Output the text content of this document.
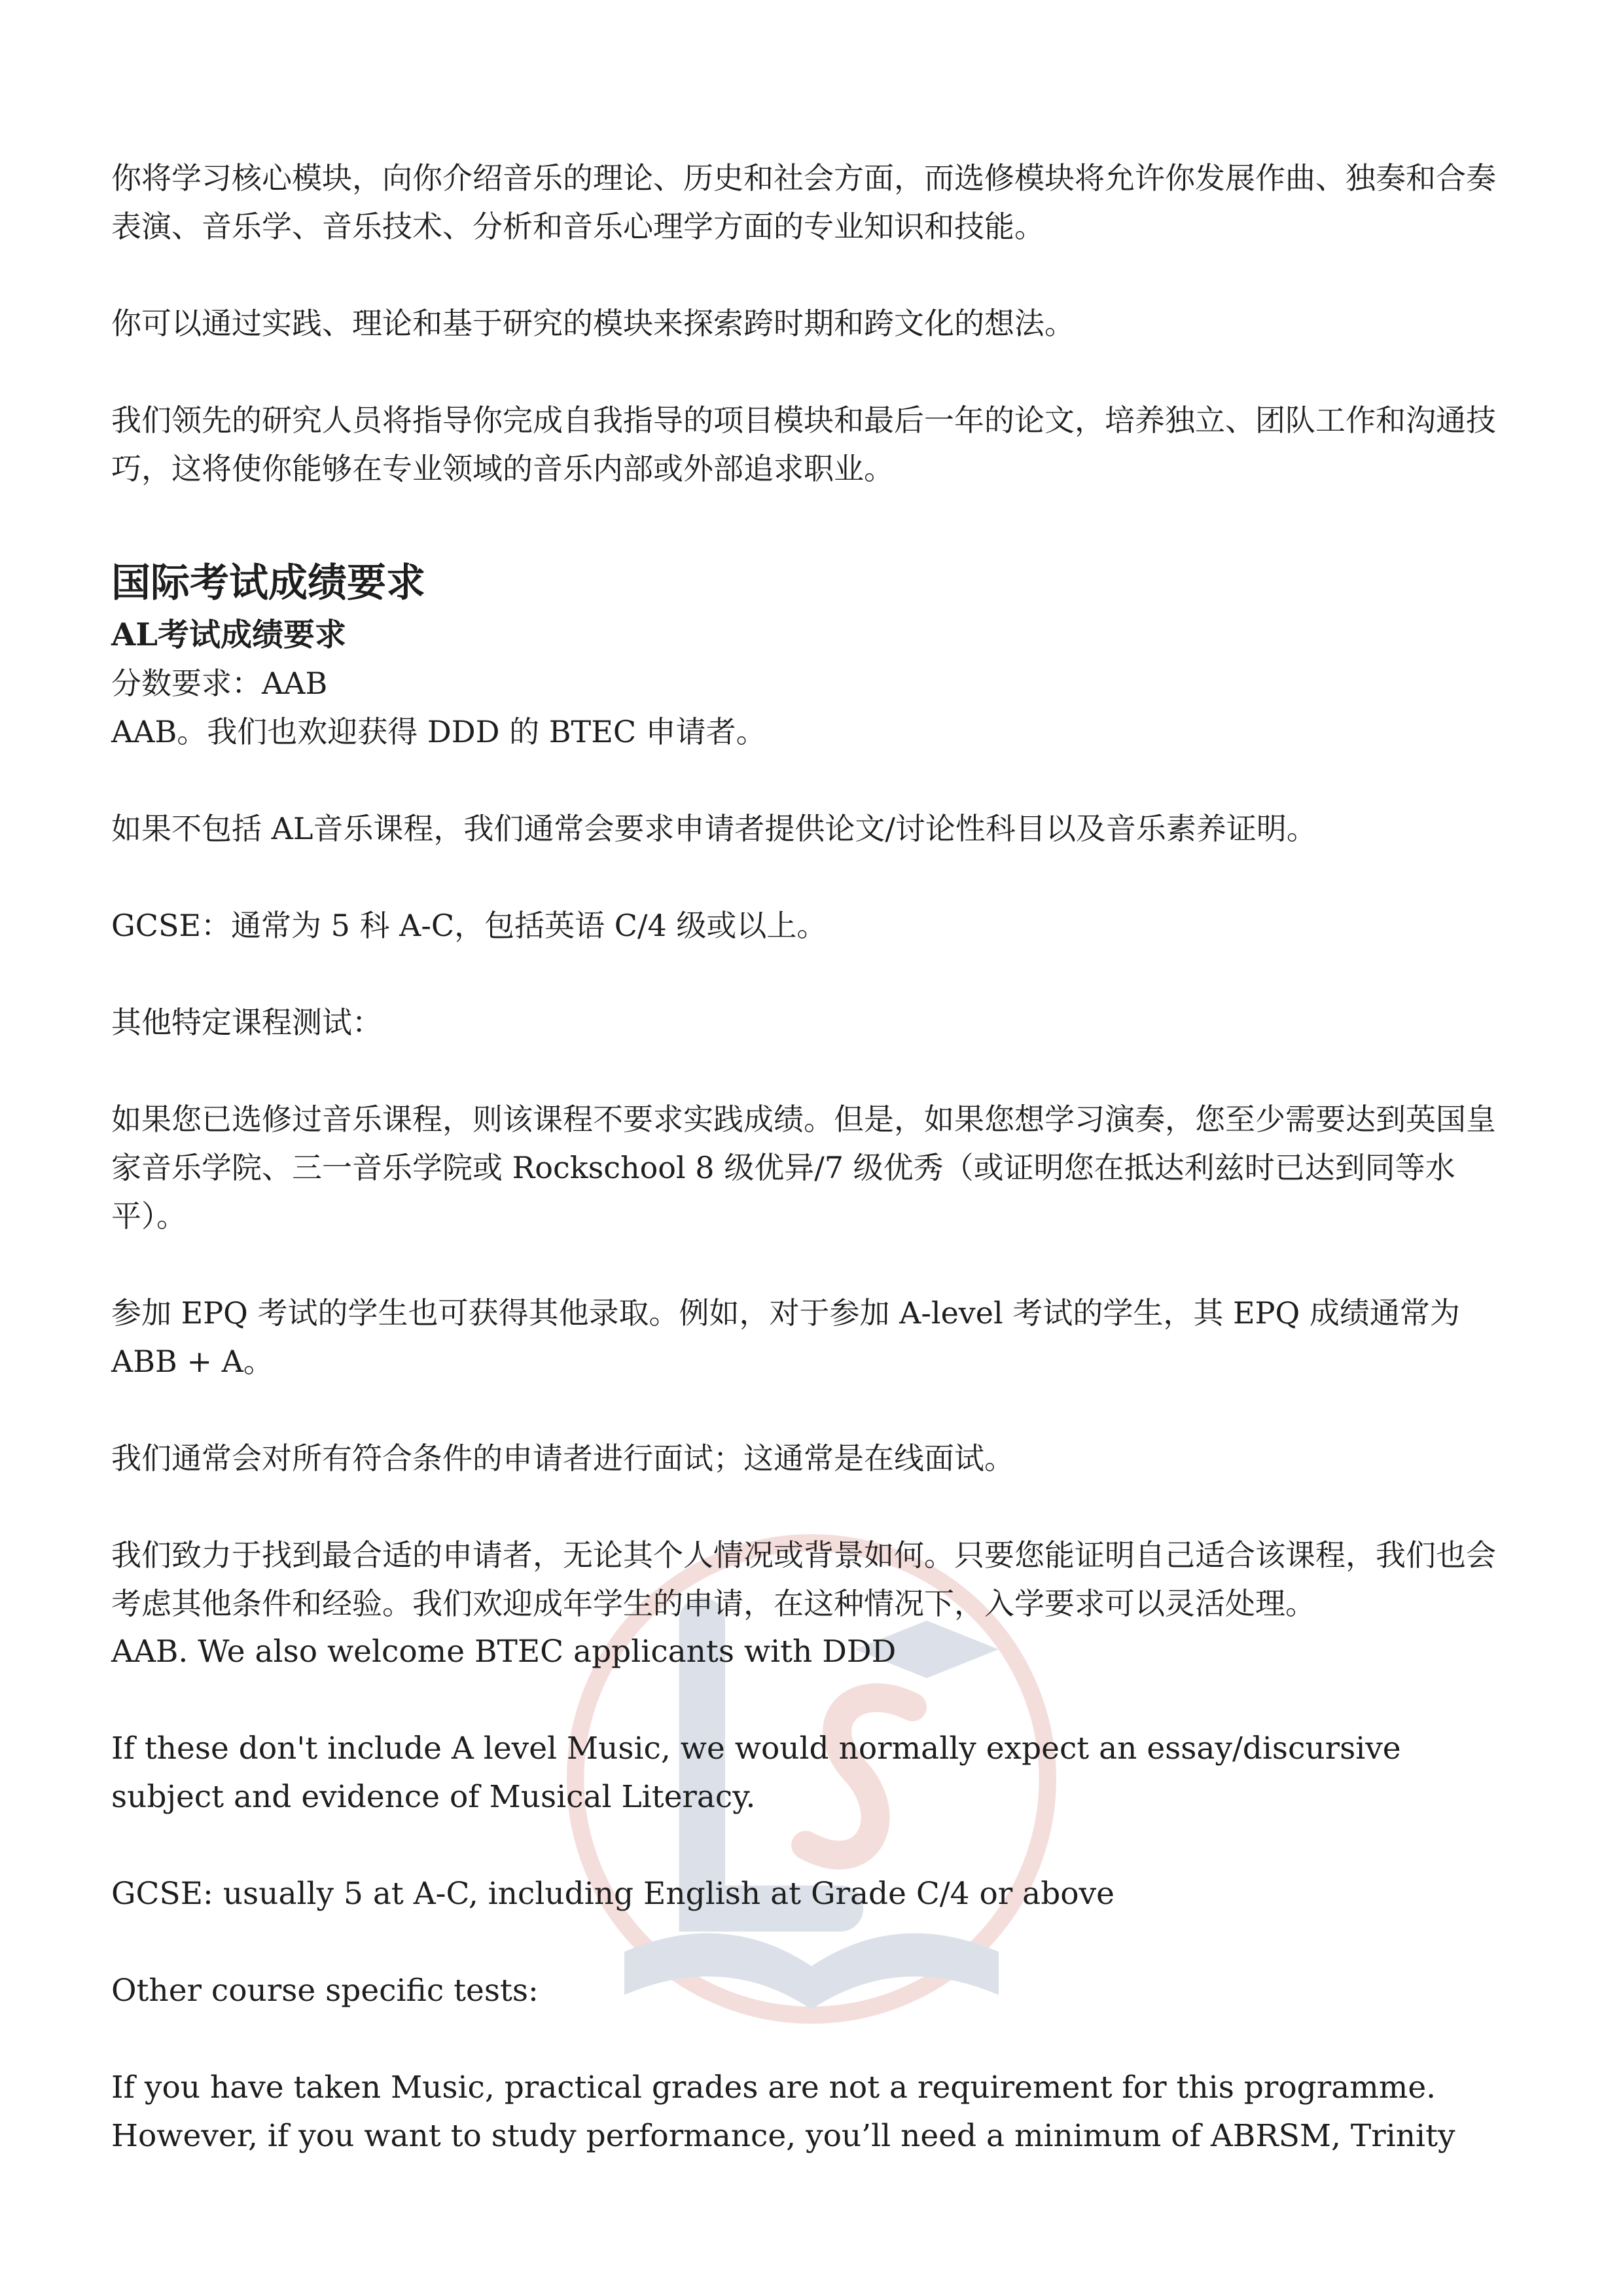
你将学习核心模块，向你介绍音乐的理论、历史和社会方面，而选修模块将允许你发展作曲、独奏和合奏表演、音乐学、音乐技术、分析和音乐心理学方面的专业知识和技能。

你可以通过实践、理论和基于研究的模块来探索跨时期和跨文化的想法。

我们领先的研究人员将指导你完成自我指导的项目模块和最后一年的论文，培养独立、团队工作和沟通技巧，这将使你能够在专业领域的音乐内部或外部追求职业。

国际考试成绩要求
AL考试成绩要求

分数要求：AAB

AAB。我们也欢迎获得 DDD 的 BTEC 申请者。

如果不包括 AL音乐课程，我们通常会要求申请者提供论文/讨论性科目以及音乐素养证明。

GCSE：通常为 5 科 A-C，包括英语 C/4 级或以上。

其他特定课程测试：

如果您已选修过音乐课程，则该课程不要求实践成绩。但是，如果您想学习演奏，您至少需要达到英国皇家音乐学院、三一音乐学院或 Rockschool 8 级优异/7 级优秀（或证明您在抵达利兹时已达到同等水平）。

参加 EPQ 考试的学生也可获得其他录取。例如，对于参加 A-level 考试的学生，其 EPQ 成绩通常为 ABB + A。

我们通常会对所有符合条件的申请者进行面试；这通常是在线面试。

我们致力于找到最合适的申请者，无论其个人情况或背景如何。只要您能证明自己适合该课程，我们也会考虑其他条件和经验。我们欢迎成年学生的申请，在这种情况下，入学要求可以灵活处理。

AAB. We also welcome BTEC applicants with DDD

If these don't include A level Music, we would normally expect an essay/discursive subject and evidence of Musical Literacy.

GCSE: usually 5 at A-C, including English at Grade C/4 or above

Other course specific tests:

If you have taken Music, practical grades are not a requirement for this programme. However, if you want to study performance, you’ll need a minimum of ABRSM, Trinity
